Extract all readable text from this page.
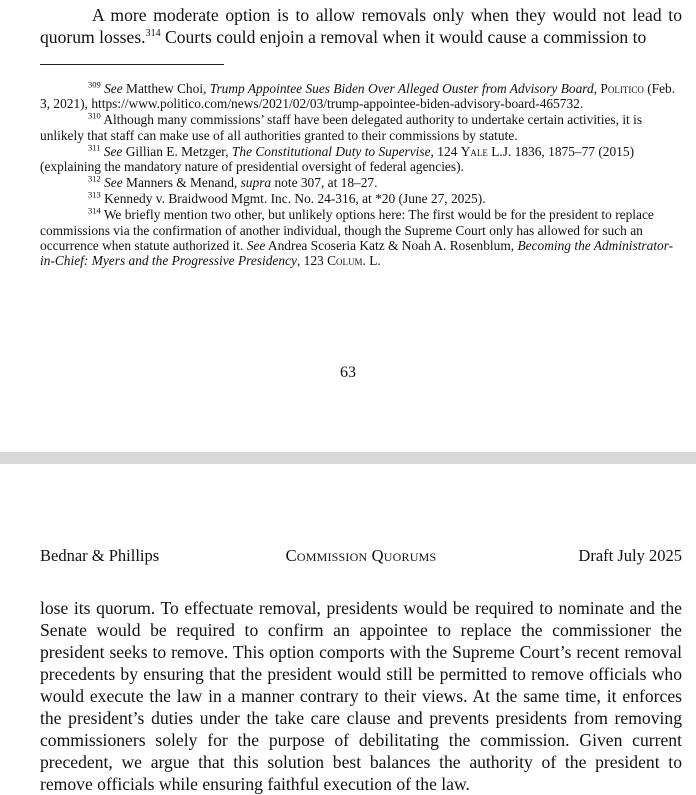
A more moderate option is to allow removals only when they would not lead to quorum losses.$^{314}$ Courts could enjoin a removal when it would cause a commission to

$^{309}$ See Matthew Choi, Trump Appointee Sues Biden Over Alleged Ouster from Advisory Board, Politico (Feb. 3, 2021), https://www.politico.com/news/2021/02/03/trump-appointee-biden-advisory-board-465732.

$^{310}$ Although many commissions’ staff have been delegated authority to undertake certain activities, it is unlikely that staff can make use of all authorities granted to their commissions by statute.

$^{311}$ See Gillian E. Metzger, The Constitutional Duty to Supervise, 124 Yale L.J. 1836, 1875–77 (2015) (explaining the mandatory nature of presidential oversight of federal agencies).

$^{312}$ See Manners & Menand, supra note 307, at 18–27.

$^{313}$ Kennedy v. Braidwood Mgmt. Inc. No. 24-316, at *20 (June 27, 2025).

$^{314}$ We briefly mention two other, but unlikely options here: The first would be for the president to replace commissions via the confirmation of another individual, though the Supreme Court only has allowed for such an occurrence when statute authorized it. See Andrea Scoseria Katz & Noah A. Rosenblum, Becoming the Administrator-in-Chief: Myers and the Progressive Presidency, 123 Colum. L.

63
Bednar & Phillips	Commission Quorums	Draft July 2025

lose its quorum. To effectuate removal, presidents would be required to nominate and the Senate would be required to confirm an appointee to replace the commissioner the president seeks to remove. This option comports with the Supreme Court’s recent removal precedents by ensuring that the president would still be permitted to remove officials who would execute the law in a manner contrary to their views. At the same time, it enforces the president’s duties under the take care clause and prevents presidents from removing commissioners solely for the purpose of debilitating the commission. Given current precedent, we argue that this solution best balances the authority of the president to remove officials while ensuring faithful execution of the law.
